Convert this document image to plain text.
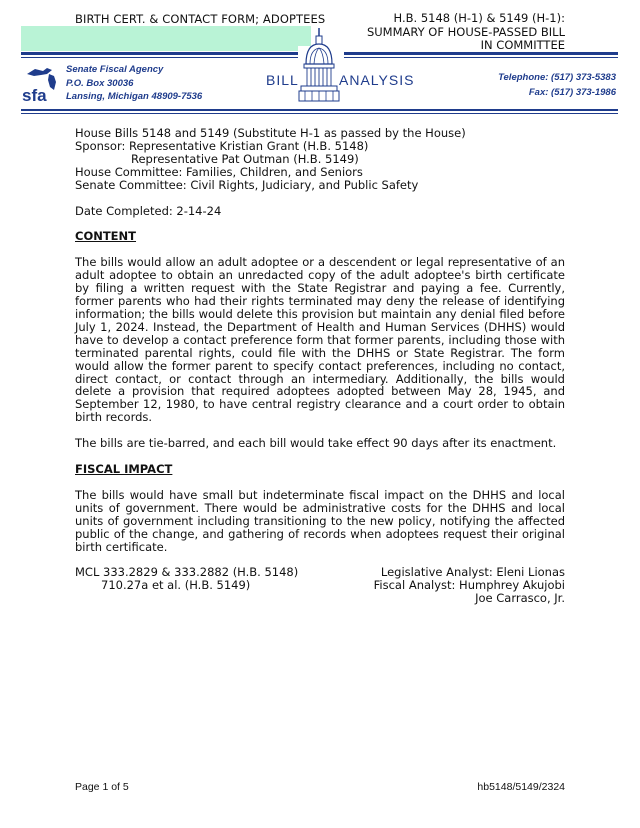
BIRTH CERT. & CONTACT FORM; ADOPTEES	H.B. 5148 (H-1) & 5149 (H-1):
SUMMARY OF HOUSE-PASSED BILL
IN COMMITTEE
sfa
Senate Fiscal Agency
P.O. Box 30036
Lansing, Michigan 48909-7536
BILL	ANALYSIS	Telephone: (517) 373-5383
Fax: (517) 373-1986
House Bills 5148 and 5149 (Substitute H-1 as passed by the House)
Sponsor: Representative Kristian Grant (H.B. 5148)
Representative Pat Outman (H.B. 5149)
House Committee: Families, Children, and Seniors
Senate Committee: Civil Rights, Judiciary, and Public Safety
Date Completed: 2-14-24
CONTENT

The bills would allow an adult adoptee or a descendent or legal representative of an adult adoptee to obtain an unredacted copy of the adult adoptee's birth certificate by filing a written request with the State Registrar and paying a fee. Currently, former parents who had their rights terminated may deny the release of identifying information; the bills would delete this provision but maintain any denial filed before July 1, 2024. Instead, the Department of Health and Human Services (DHHS) would have to develop a contact preference form that former parents, including those with terminated parental rights, could file with the DHHS or State Registrar. The form would allow the former parent to specify contact preferences, including no contact, direct contact, or contact through an intermediary. Additionally, the bills would delete a provision that required adoptees adopted between May 28, 1945, and September 12, 1980, to have central registry clearance and a court order to obtain birth records.

The bills are tie-barred, and each bill would take effect 90 days after its enactment.

FISCAL IMPACT

The bills would have small but indeterminate fiscal impact on the DHHS and local units of government. There would be administrative costs for the DHHS and local units of government including transitioning to the new policy, notifying the affected public of the change, and gathering of records when adoptees request their original birth certificate.

MCL 333.2829 & 333.2882 (H.B. 5148)
710.27a et al. (H.B. 5149)
Legislative Analyst: Eleni Lionas
Fiscal Analyst: Humphrey Akujobi
Joe Carrasco, Jr.
Page 1 of 5	hb5148/5149/2324
